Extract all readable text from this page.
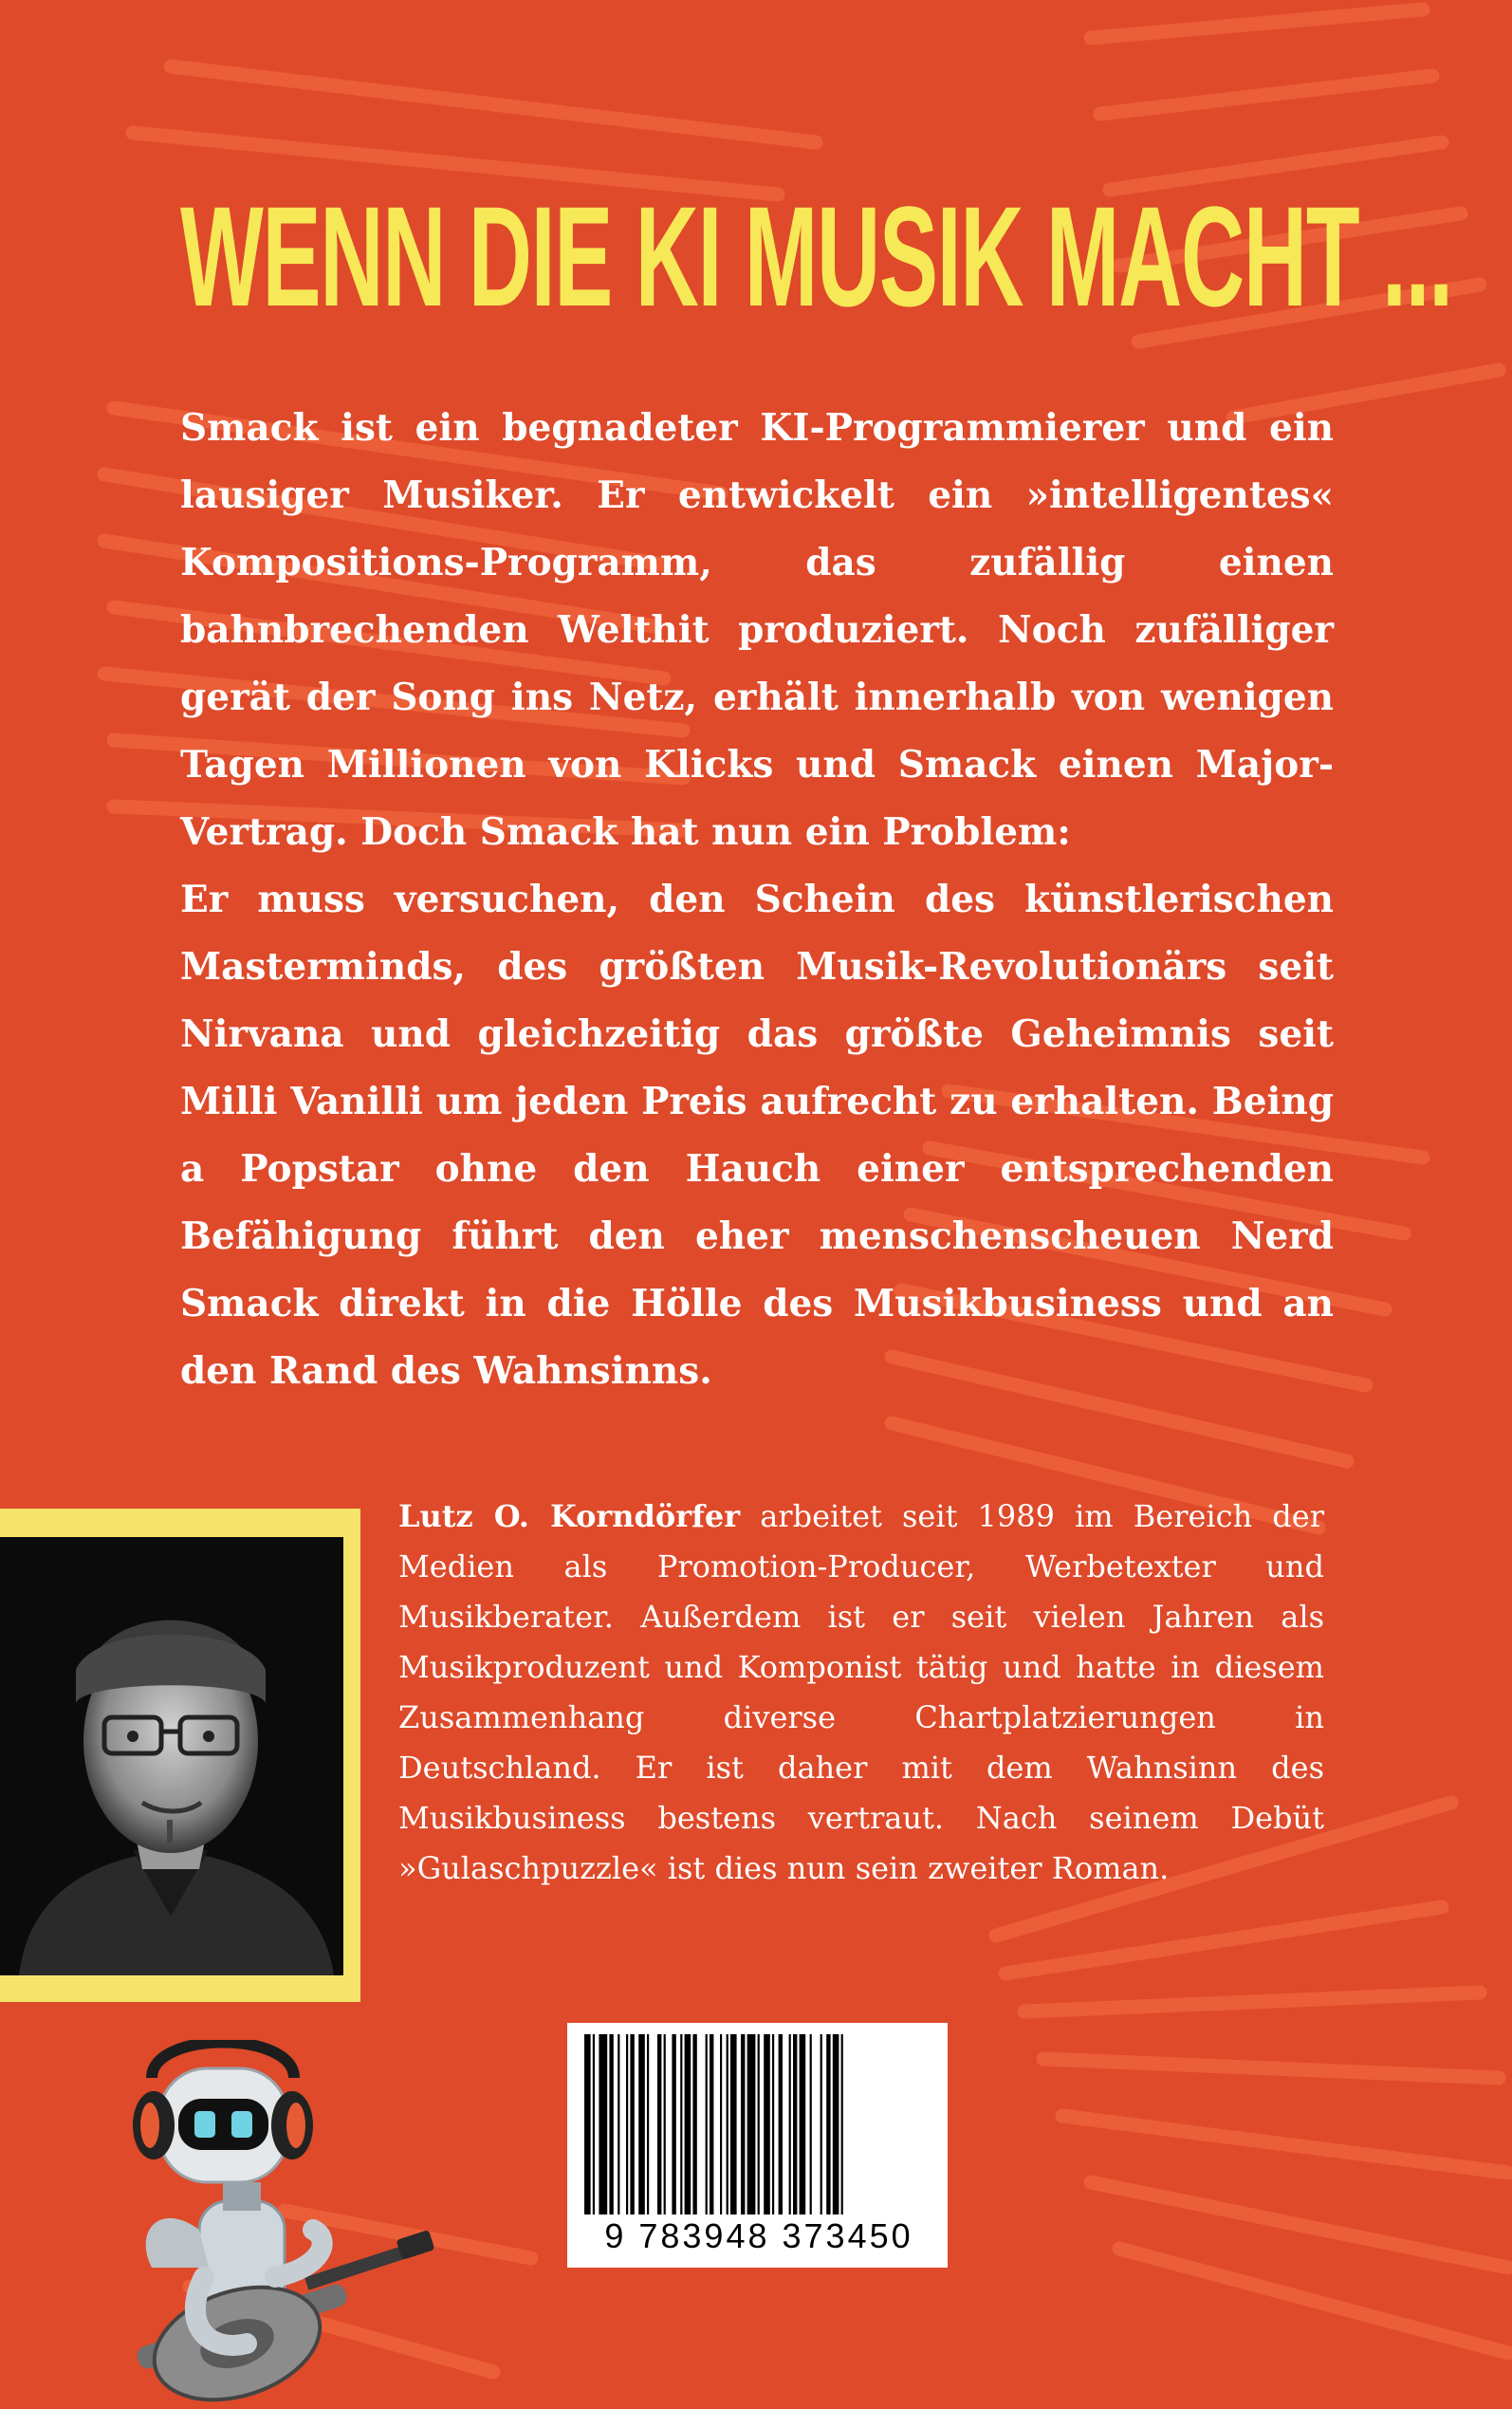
WENN DIE KI MUSIK MACHT ...

Smack ist ein begnadeter KI-Programmierer und ein lausiger Musiker. Er entwickelt ein »intelligentes« Kompositions-Programm, das zufällig einen bahnbrechenden Welthit produziert. Noch zufälliger gerät der Song ins Netz, erhält innerhalb von wenigen Tagen Millionen von Klicks und Smack einen Major-Vertrag. Doch Smack hat nun ein Problem:

Er muss versuchen, den Schein des künstlerischen Masterminds, des größten Musik-Revolutionärs seit Nirvana und gleichzeitig das größte Geheimnis seit Milli Vanilli um jeden Preis aufrecht zu erhalten. Being a Popstar ohne den Hauch einer entsprechenden Befähigung führt den eher menschenscheuen Nerd Smack direkt in die Hölle des Musikbusiness und an den Rand des Wahnsinns.

Lutz O. Korndörfer arbeitet seit 1989 im Bereich der Medien als Promotion-Producer, Werbetexter und Musikberater. Außerdem ist er seit vielen Jahren als Musikproduzent und Komponist tätig und hatte in diesem Zusammenhang diverse Chartplatzierungen in Deutschland. Er ist daher mit dem Wahnsinn des Musikbusiness bestens vertraut. Nach seinem Debüt »Gulaschpuzzle« ist dies nun sein zweiter Roman.

9 783948 373450
